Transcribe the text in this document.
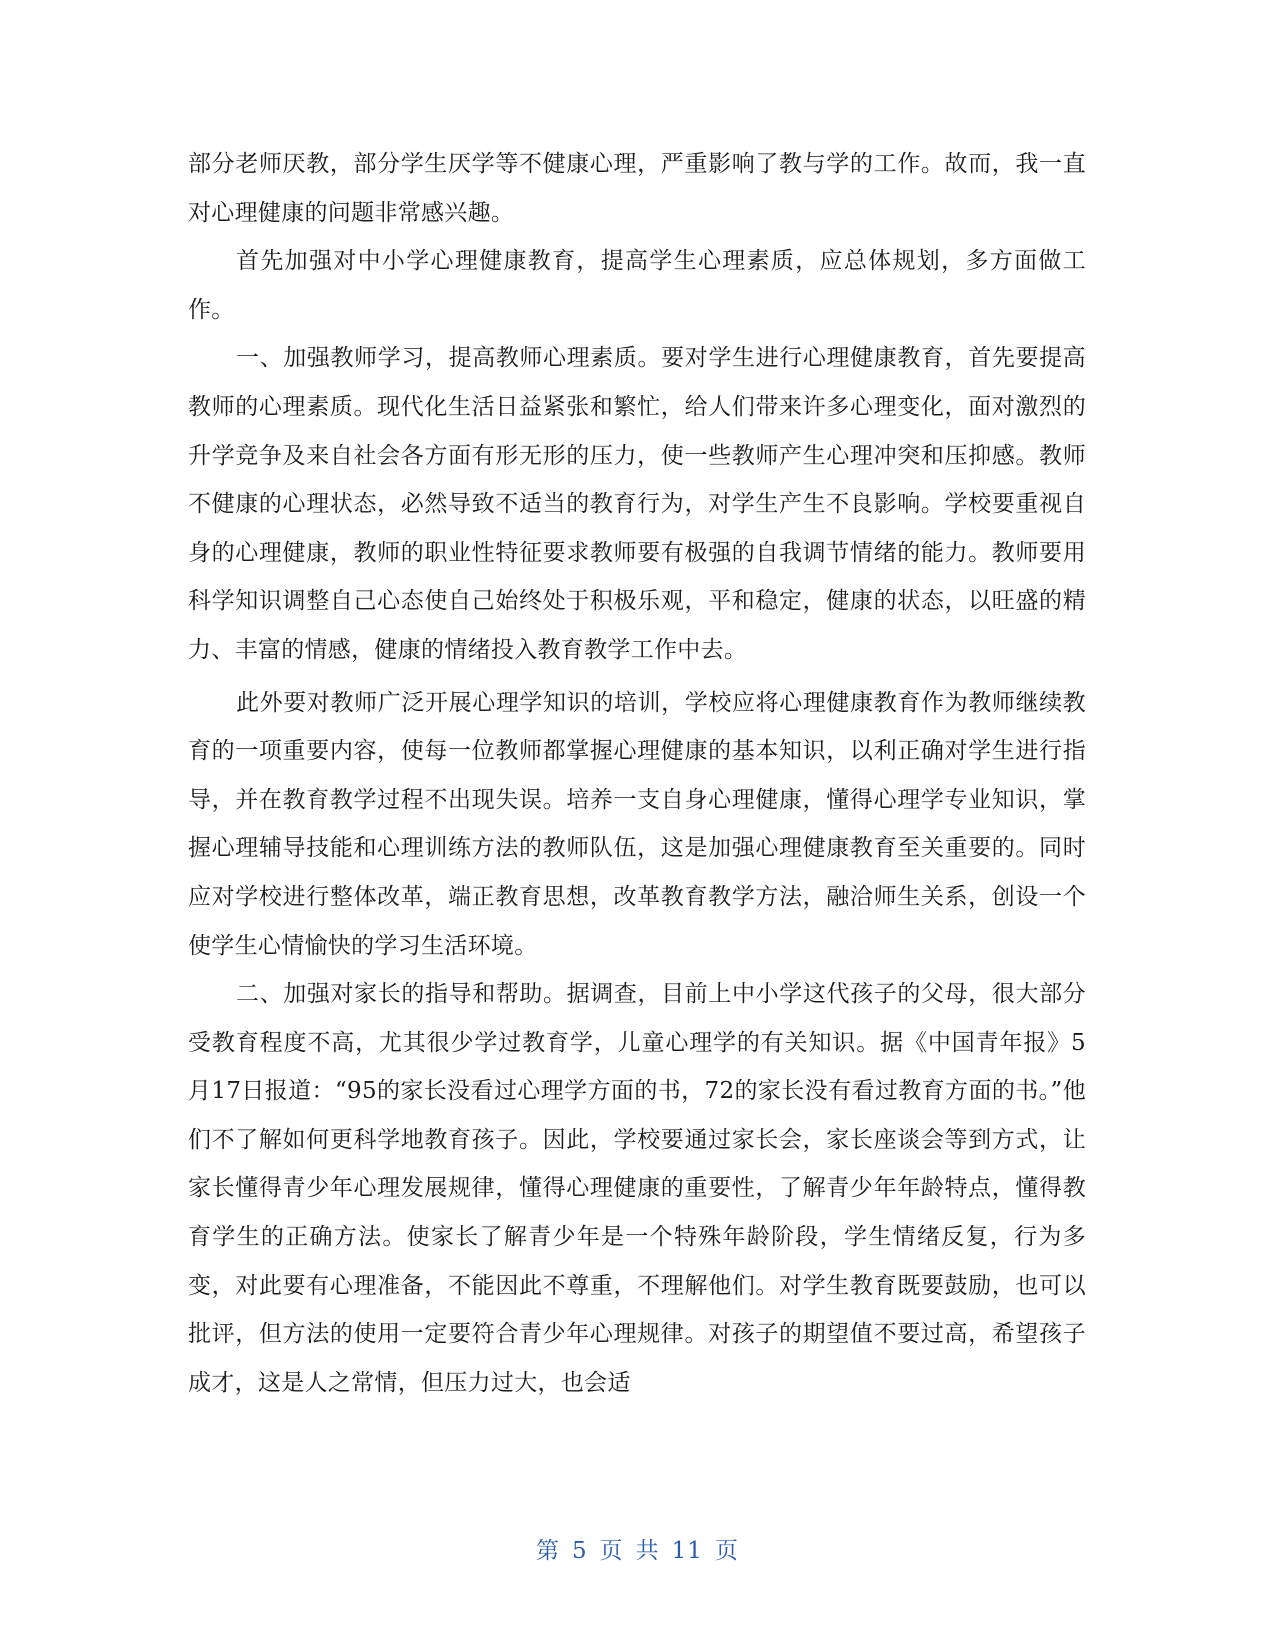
部分老师厌教，部分学生厌学等不健康心理，严重影响了教与学的工作。故而，我一直对心理健康的问题非常感兴趣。

首先加强对中小学心理健康教育，提高学生心理素质，应总体规划，多方面做工作。

一、加强教师学习，提高教师心理素质。要对学生进行心理健康教育，首先要提高教师的心理素质。现代化生活日益紧张和繁忙，给人们带来许多心理变化，面对激烈的升学竞争及来自社会各方面有形无形的压力，使一些教师产生心理冲突和压抑感。教师不健康的心理状态，必然导致不适当的教育行为，对学生产生不良影响。学校要重视自身的心理健康，教师的职业性特征要求教师要有极强的自我调节情绪的能力。教师要用科学知识调整自己心态使自己始终处于积极乐观，平和稳定，健康的状态，以旺盛的精力、丰富的情感，健康的情绪投入教育教学工作中去。

此外要对教师广泛开展心理学知识的培训，学校应将心理健康教育作为教师继续教育的一项重要内容，使每一位教师都掌握心理健康的基本知识，以利正确对学生进行指导，并在教育教学过程不出现失误。培养一支自身心理健康，懂得心理学专业知识，掌握心理辅导技能和心理训练方法的教师队伍，这是加强心理健康教育至关重要的。同时应对学校进行整体改革，端正教育思想，改革教育教学方法，融洽师生关系，创设一个使学生心情愉快的学习生活环境。

二、加强对家长的指导和帮助。据调查，目前上中小学这代孩子的父母，很大部分受教育程度不高，尤其很少学过教育学，儿童心理学的有关知识。据《中国青年报》5月17日报道：“95的家长没看过心理学方面的书，72的家长没有看过教育方面的书。”他们不了解如何更科学地教育孩子。因此，学校要通过家长会，家长座谈会等到方式，让家长懂得青少年心理发展规律，懂得心理健康的重要性，了解青少年年龄特点，懂得教育学生的正确方法。使家长了解青少年是一个特殊年龄阶段，学生情绪反复，行为多变，对此要有心理准备，不能因此不尊重，不理解他们。对学生教育既要鼓励，也可以批评，但方法的使用一定要符合青少年心理规律。对孩子的期望值不要过高，希望孩子成才，这是人之常情，但压力过大，也会适

第 5 页 共 11 页
